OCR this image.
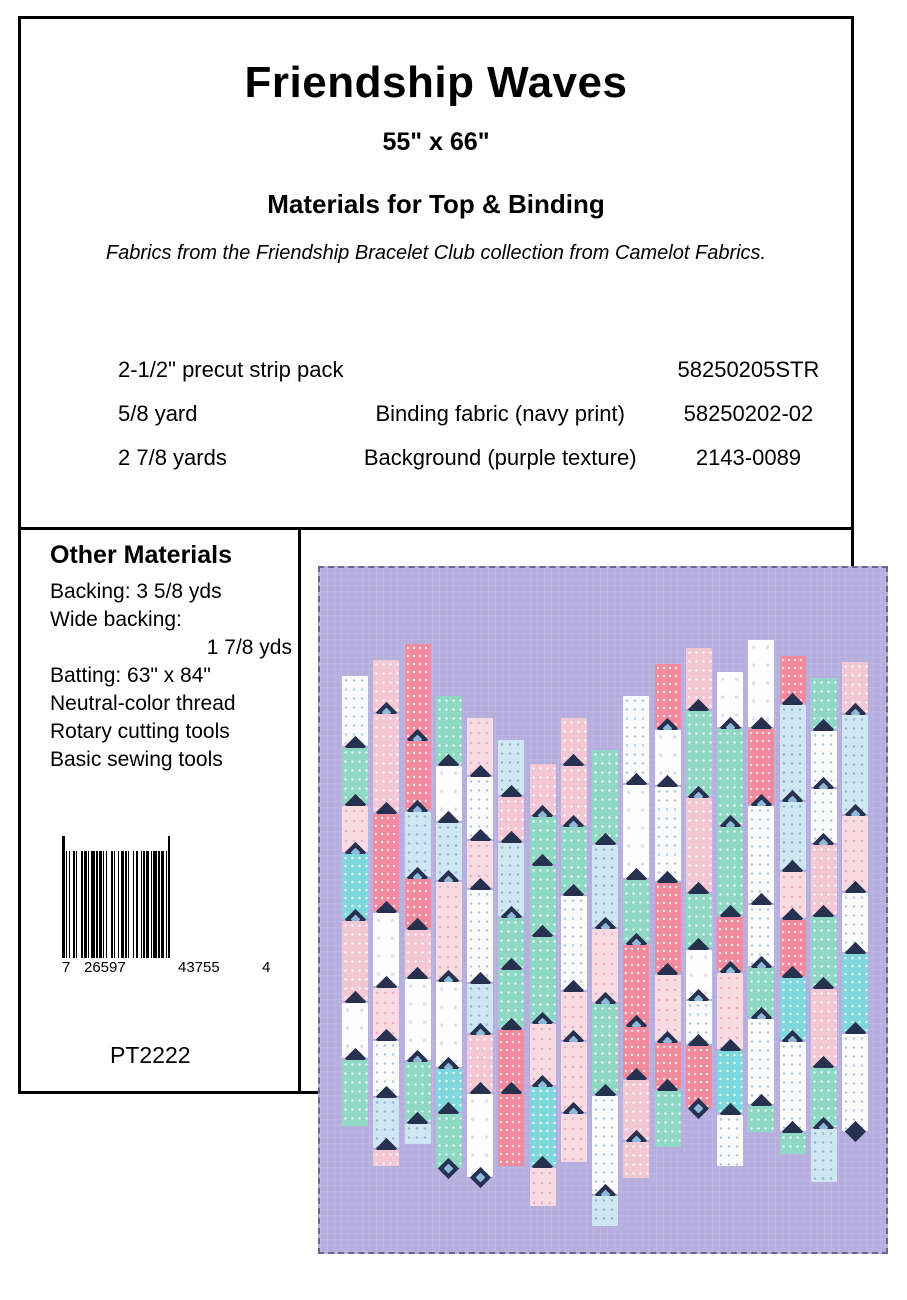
Friendship Waves
55" x 66"
Materials for Top & Binding
Fabrics from the Friendship Bracelet Club collection from Camelot Fabrics.
2-1/2" precut strip pack		58250205STR
5/8 yard	Binding fabric (navy print)	58250202-02
2 7/8 yards	Background (purple texture)	2143-0089
Other Materials
Backing: 3 5/8 yds
Wide backing:
1 7/8 yds
Batting: 63" x 84"
Neutral-color thread
Rotary cutting tools
Basic sewing tools
7 26597	43755	4
PT2222
